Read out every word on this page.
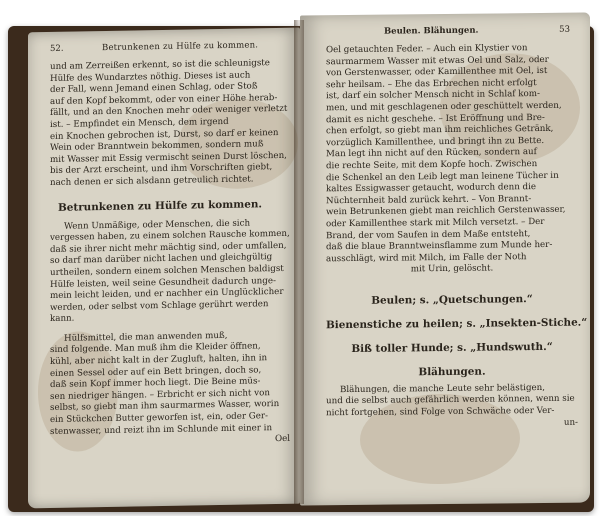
52.	Betrunkenen zu Hülfe zu kommen.
und am Zerreißen erkennt, so ist die schleunigste
Hülfe des Wundarztes nöthig. Dieses ist auch
der Fall, wenn Jemand einen Schlag, oder Stoß
auf den Kopf bekommt, oder von einer Höhe herab-
fällt, und an den Knochen mehr oder weniger verletzt
ist. – Empfindet ein Mensch, dem irgend
ein Knochen gebrochen ist, Durst, so darf er keinen
Wein oder Branntwein bekommen, sondern muß
mit Wasser mit Essig vermischt seinen Durst löschen,
bis der Arzt erscheint, und ihm Vorschriften giebt,
nach denen er sich alsdann getreulich richtet.
Betrunkenen zu Hülfe zu kommen.
Wenn Unmäßige, oder Menschen, die sich
vergessen haben, zu einem solchen Rausche kommen,
daß sie ihrer nicht mehr mächtig sind, oder umfallen,
so darf man darüber nicht lachen und gleichgültig
urtheilen, sondern einem solchen Menschen baldigst
Hülfe leisten, weil seine Gesundheit dadurch unge-
mein leicht leiden, und er nachher ein Unglücklicher
werden, oder selbst vom Schlage gerührt werden
kann.
Hülfsmittel, die man anwenden muß,
sind folgende. Man muß ihm die Kleider öffnen,
kühl, aber nicht kalt in der Zugluft, halten, ihn in
einen Sessel oder auf ein Bett bringen, doch so,
daß sein Kopf immer hoch liegt. Die Beine müs-
sen niedriger hängen. – Erbricht er sich nicht von
selbst, so giebt man ihm saurmarmes Wasser, worin
ein Stückchen Butter geworfen ist, ein, oder Ger-
stenwasser, und reizt ihn im Schlunde mit einer in
Oel
Beulen. Blähungen.	53
Oel getauchten Feder. – Auch ein Klystier von
saurmarmem Wasser mit etwas Oel und Salz, oder
von Gerstenwasser, oder Kamillenthee mit Oel, ist
sehr heilsam. – Ehe das Erbrechen nicht erfolgt
ist, darf ein solcher Mensch nicht in Schlaf kom-
men, und mit geschlagenen oder geschüttelt werden,
damit es nicht geschehe. – Ist Eröffnung und Bre-
chen erfolgt, so giebt man ihm reichliches Getränk,
vorzüglich Kamillenthee, und bringt ihn zu Bette.
Man legt ihn nicht auf den Rücken, sondern auf
die rechte Seite, mit dem Kopfe hoch. Zwischen
die Schenkel an den Leib legt man leinene Tücher in
kaltes Essigwasser getaucht, wodurch denn die
Nüchternheit bald zurück kehrt. – Von Brannt-
wein Betrunkenen giebt man reichlich Gerstenwasser,
oder Kamillenthee stark mit Milch versetzt. – Der
Brand, der vom Saufen in dem Maße entsteht,
daß die blaue Branntweinsflamme zum Munde her-
ausschlägt, wird mit Milch, im Falle der Noth
mit Urin, gelöscht.
Beulen; s. „Quetschungen.“
Bienenstiche zu heilen; s. „Insekten-Stiche.“
Biß toller Hunde; s. „Hundswuth.“
Blähungen.
Blähungen, die manche Leute sehr belästigen,
und die selbst auch gefährlich werden können, wenn sie
nicht fortgehen, sind Folge von Schwäche oder Ver-
un-
